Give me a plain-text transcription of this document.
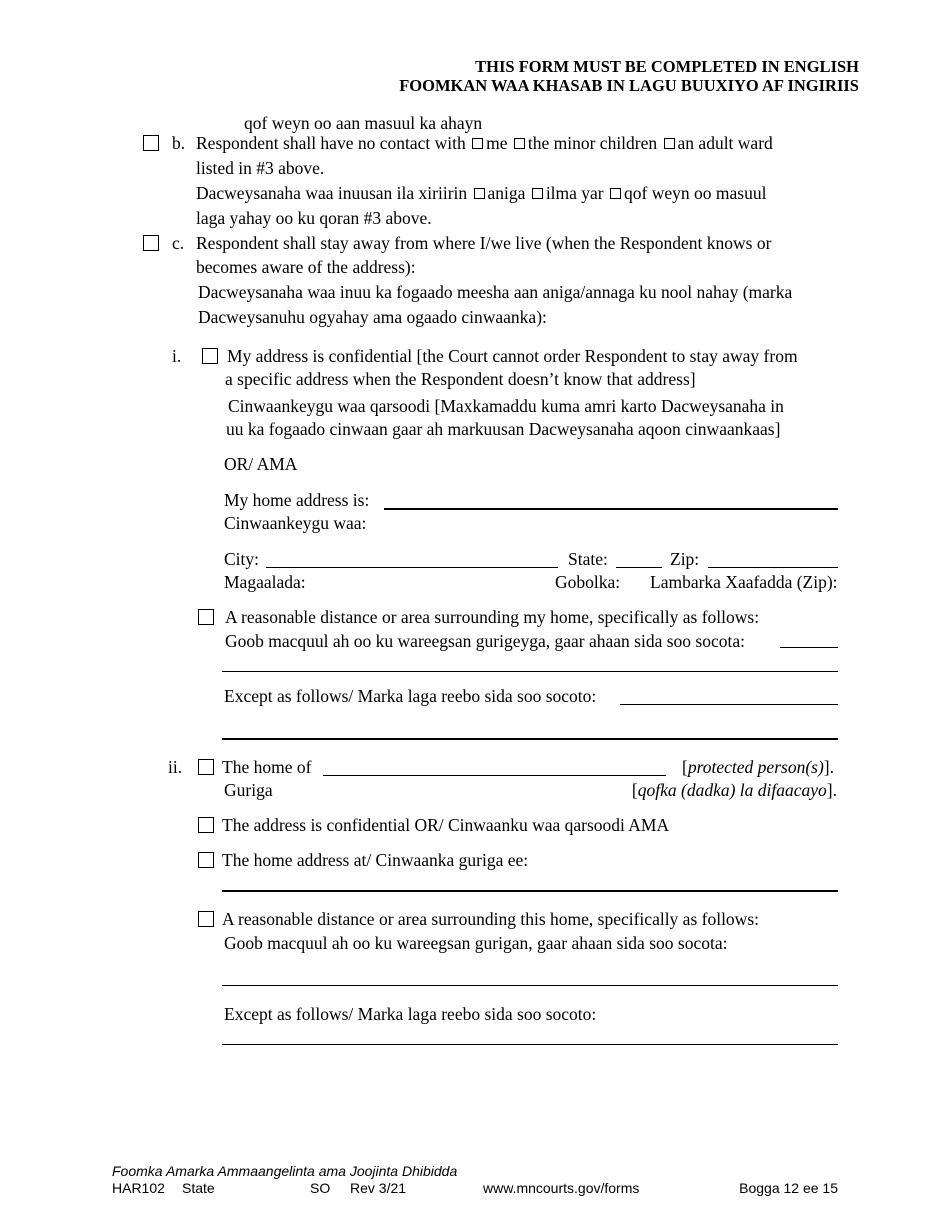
THIS FORM MUST BE COMPLETED IN ENGLISH
FOOMKAN WAA KHASAB IN LAGU BUUXIYO AF INGIRIIS
qof weyn oo aan masuul ka ahayn
b. Respondent shall have no contact with me the minor children an adult ward
listed in #3 above.
Dacweysanaha waa inuusan ila xiriirin aniga ilma yar qof weyn oo masuul
laga yahay oo ku qoran #3 above.
c. Respondent shall stay away from where I/we live (when the Respondent knows or
becomes aware of the address):
Dacweysanaha waa inuu ka fogaado meesha aan aniga/annaga ku nool nahay (marka
Dacweysanuhu ogyahay ama ogaado cinwaanka):
i.	My address is confidential [the Court cannot order Respondent to stay away from
a specific address when the Respondent doesn’t know that address]
Cinwaankeygu waa qarsoodi [Maxkamaddu kuma amri karto Dacweysanaha in
uu ka fogaado cinwaan gaar ah markuusan Dacweysanaha aqoon cinwaankaas]
OR/ AMA
My home address is:
Cinwaankeygu waa:
City:	State:	Zip:
Magaalada:	Gobolka: Lambarka Xaafadda (Zip):
A reasonable distance or area surrounding my home, specifically as follows:
Goob macquul ah oo ku wareegsan gurigeyga, gaar ahaan sida soo socota:
Except as follows/ Marka laga reebo sida soo socoto:
ii. The home of	[protected person(s)].
Guriga	[qofka (dadka) la difaacayo].
The address is confidential OR/ Cinwaanku waa qarsoodi AMA
The home address at/ Cinwaanka guriga ee:
A reasonable distance or area surrounding this home, specifically as follows:
Goob macquul ah oo ku wareegsan gurigan, gaar ahaan sida soo socota:
Except as follows/ Marka laga reebo sida soo socoto:
Foomka Amarka Ammaangelinta ama Joojinta Dhibidda
HAR102 State	SO Rev 3/21	www.mncourts.gov/forms	Bogga 12 ee 15
